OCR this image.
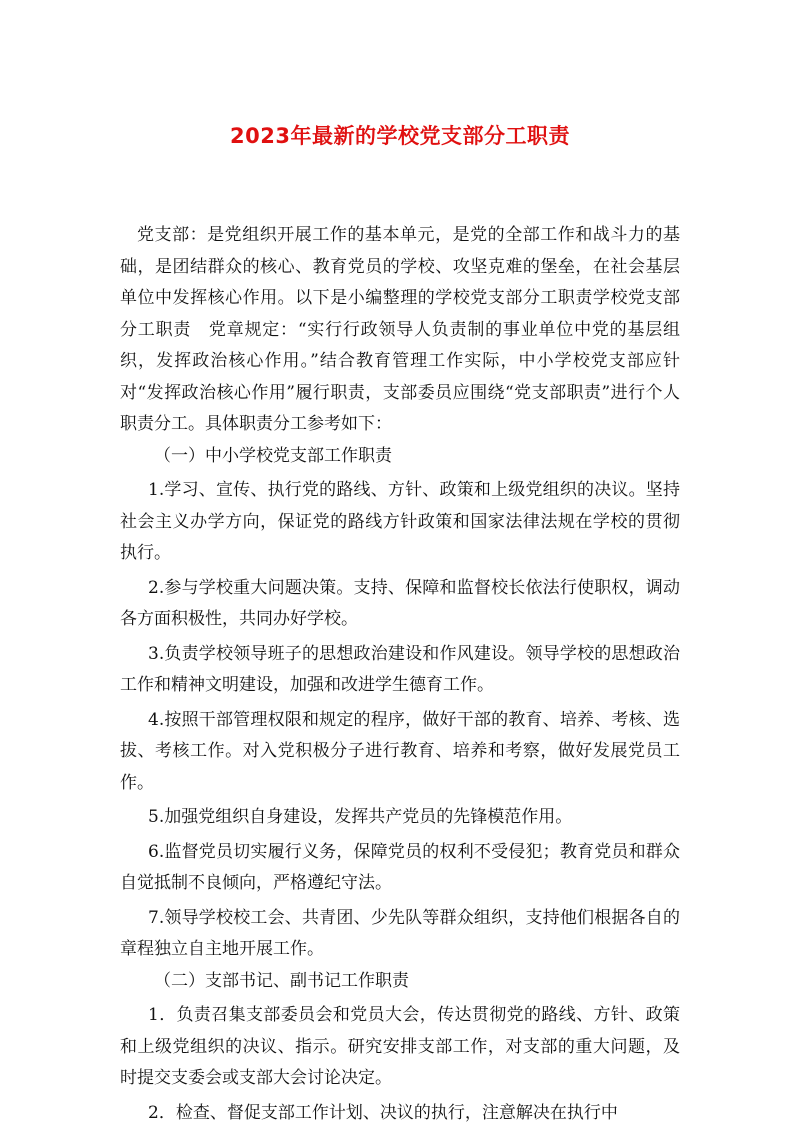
2023年最新的学校党支部分工职责

党支部：是党组织开展工作的基本单元，是党的全部工作和战斗力的基础，是团结群众的核心、教育党员的学校、攻坚克难的堡垒，在社会基层单位中发挥核心作用。以下是小编整理的学校党支部分工职责学校党支部分工职责　党章规定：“实行行政领导人负责制的事业单位中党的基层组织，发挥政治核心作用。”结合教育管理工作实际，中小学校党支部应针对“发挥政治核心作用”履行职责，支部委员应围绕“党支部职责”进行个人职责分工。具体职责分工参考如下：

（一）中小学校党支部工作职责

1.学习、宣传、执行党的路线、方针、政策和上级党组织的决议。坚持社会主义办学方向，保证党的路线方针政策和国家法律法规在学校的贯彻执行。

2.参与学校重大问题决策。支持、保障和监督校长依法行使职权，调动各方面积极性，共同办好学校。

3.负责学校领导班子的思想政治建设和作风建设。领导学校的思想政治工作和精神文明建设，加强和改进学生德育工作。

4.按照干部管理权限和规定的程序，做好干部的教育、培养、考核、选拔、考核工作。对入党积极分子进行教育、培养和考察，做好发展党员工作。

5.加强党组织自身建设，发挥共产党员的先锋模范作用。

6.监督党员切实履行义务，保障党员的权利不受侵犯；教育党员和群众自觉抵制不良倾向，严格遵纪守法。

7.领导学校校工会、共青团、少先队等群众组织，支持他们根据各自的章程独立自主地开展工作。

（二）支部书记、副书记工作职责

1．负责召集支部委员会和党员大会，传达贯彻党的路线、方针、政策和上级党组织的决议、指示。研究安排支部工作，对支部的重大问题，及时提交支委会或支部大会讨论决定。

2．检查、督促支部工作计划、决议的执行，注意解决在执行中
